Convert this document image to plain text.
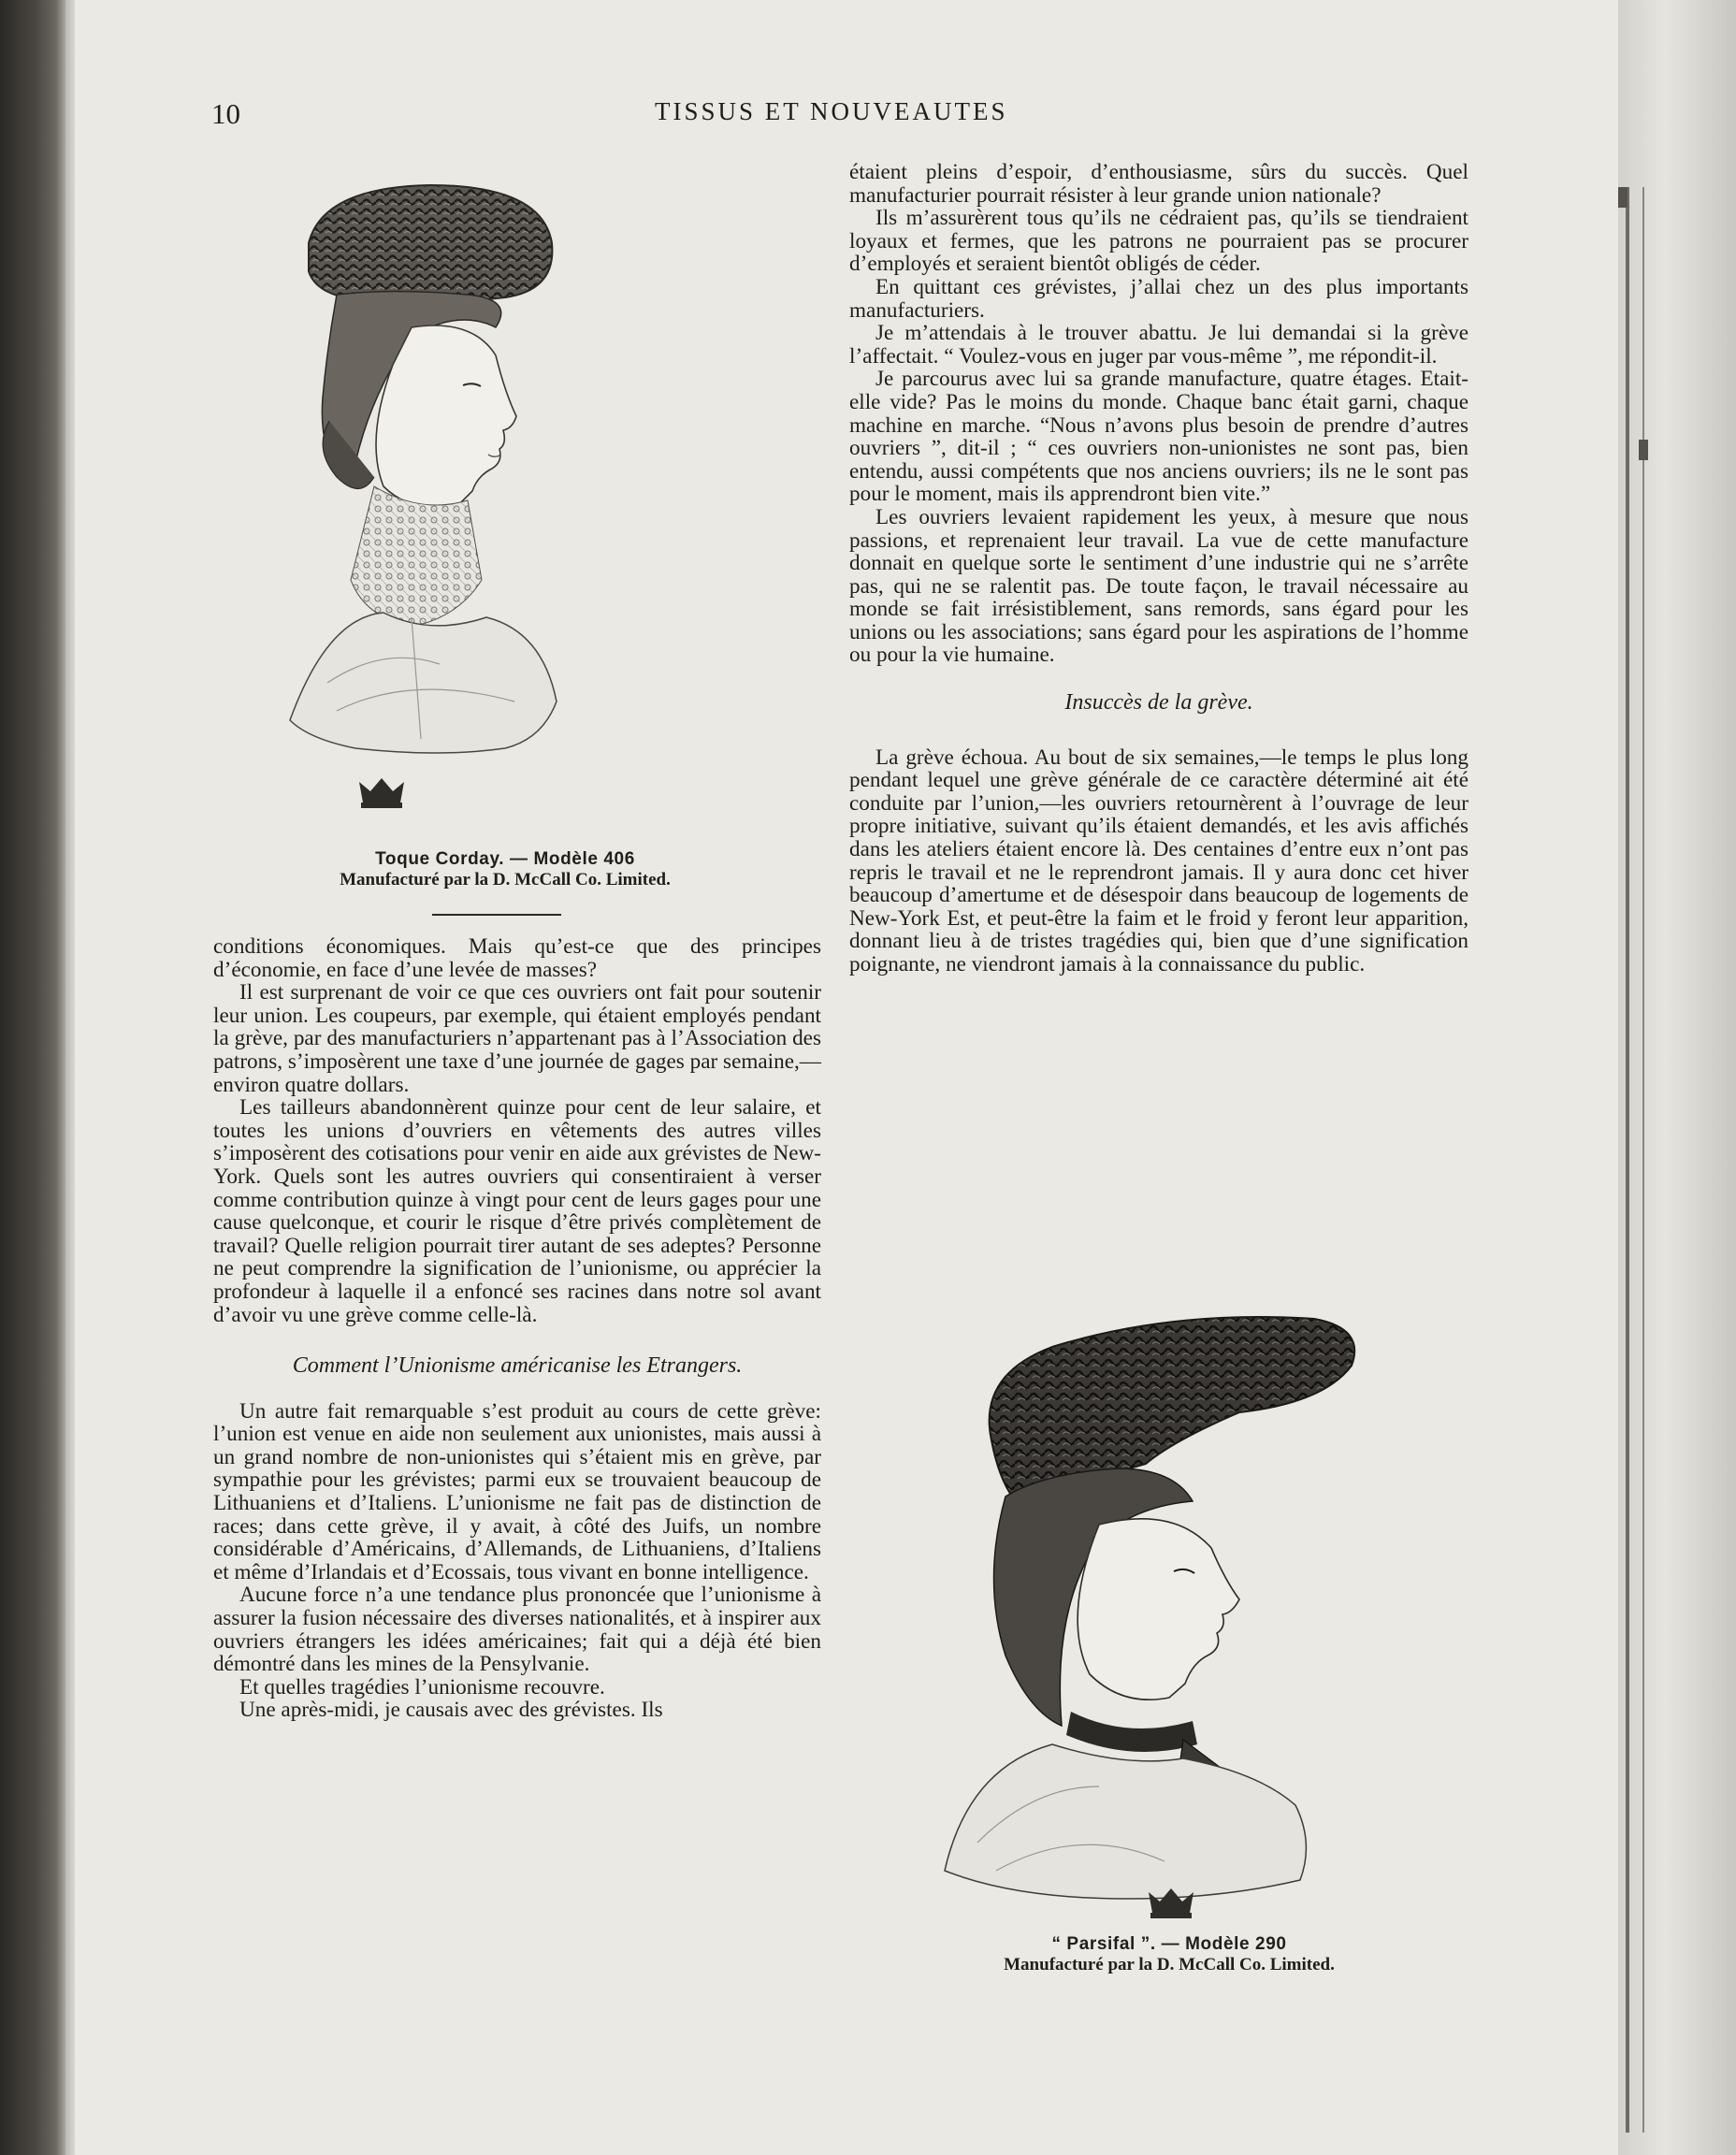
10	TISSUS ET NOUVEAUTES
Toque Corday. — Modèle 406
Manufacturé par la D. McCall Co. Limited.

conditions économiques. Mais qu’est-ce que des principes d’économie, en face d’une levée de masses?

Il est surprenant de voir ce que ces ouvriers ont fait pour soutenir leur union. Les coupeurs, par exemple, qui étaient employés pendant la grève, par des manufacturiers n’appartenant pas à l’Association des patrons, s’imposèrent une taxe d’une journée de gages par semaine,—environ quatre dollars.

Les tailleurs abandonnèrent quinze pour cent de leur salaire, et toutes les unions d’ouvriers en vêtements des autres villes s’imposèrent des cotisations pour venir en aide aux grévistes de New-York. Quels sont les autres ouvriers qui consentiraient à verser comme contribution quinze à vingt pour cent de leurs gages pour une cause quelconque, et courir le risque d’être privés complètement de travail? Quelle religion pourrait tirer autant de ses adeptes? Personne ne peut comprendre la signification de l’unionisme, ou apprécier la profondeur à laquelle il a enfoncé ses racines dans notre sol avant d’avoir vu une grève comme celle-là.

Comment l’Unionisme américanise les Etrangers.

Un autre fait remarquable s’est produit au cours de cette grève: l’union est venue en aide non seulement aux unionistes, mais aussi à un grand nombre de non-unionistes qui s’étaient mis en grève, par sympathie pour les grévistes; parmi eux se trouvaient beaucoup de Lithuaniens et d’Italiens. L’unionisme ne fait pas de distinction de races; dans cette grève, il y avait, à côté des Juifs, un nombre considérable d’Américains, d’Allemands, de Lithuaniens, d’Italiens et même d’Irlandais et d’Ecossais, tous vivant en bonne intelligence.

Aucune force n’a une tendance plus prononcée que l’unionisme à assurer la fusion nécessaire des diverses nationalités, et à inspirer aux ouvriers étrangers les idées américaines; fait qui a déjà été bien démontré dans les mines de la Pensylvanie.

Et quelles tragédies l’unionisme recouvre.

Une après-midi, je causais avec des grévistes. Ils

étaient pleins d’espoir, d’enthousiasme, sûrs du succès. Quel manufacturier pourrait résister à leur grande union nationale?

Ils m’assurèrent tous qu’ils ne cédraient pas, qu’ils se tiendraient loyaux et fermes, que les patrons ne pourraient pas se procurer d’employés et seraient bientôt obligés de céder.

En quittant ces grévistes, j’allai chez un des plus importants manufacturiers.

Je m’attendais à le trouver abattu. Je lui demandai si la grève l’affectait. “ Voulez-vous en juger par vous-même ”, me répondit-il.

Je parcourus avec lui sa grande manufacture, quatre étages. Etait-elle vide? Pas le moins du monde. Chaque banc était garni, chaque machine en marche. “Nous n’avons plus besoin de prendre d’autres ouvriers ”, dit-il ; “ ces ouvriers non-unionistes ne sont pas, bien entendu, aussi compétents que nos anciens ouvriers; ils ne le sont pas pour le moment, mais ils apprendront bien vite.”

Les ouvriers levaient rapidement les yeux, à mesure que nous passions, et reprenaient leur travail. La vue de cette manufacture donnait en quelque sorte le sentiment d’une industrie qui ne s’arrête pas, qui ne se ralentit pas. De toute façon, le travail nécessaire au monde se fait irrésistiblement, sans remords, sans égard pour les unions ou les associations; sans égard pour les aspirations de l’homme ou pour la vie humaine.

Insuccès de la grève.

La grève échoua. Au bout de six semaines,—le temps le plus long pendant lequel une grève générale de ce caractère déterminé ait été conduite par l’union,—les ouvriers retournèrent à l’ouvrage de leur propre initiative, suivant qu’ils étaient demandés, et les avis affichés dans les ateliers étaient encore là. Des centaines d’entre eux n’ont pas repris le travail et ne le reprendront jamais. Il y aura donc cet hiver beaucoup d’amertume et de désespoir dans beaucoup de logements de New-York Est, et peut-être la faim et le froid y feront leur apparition, donnant lieu à de tristes tragédies qui, bien que d’une signification poignante, ne viendront jamais à la connaissance du public.

“ Parsifal ”. — Modèle 290
Manufacturé par la D. McCall Co. Limited.
